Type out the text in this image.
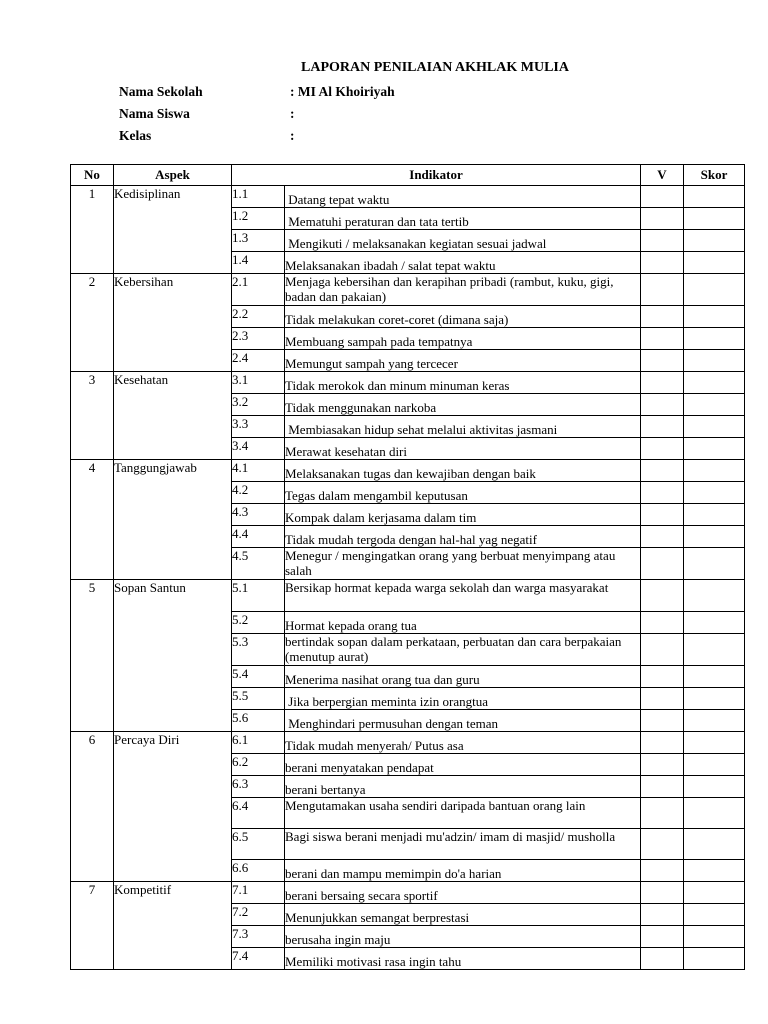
LAPORAN PENILAIAN AKHLAK MULIA
Nama Sekolah	: MI Al Khoiriyah
Nama Siswa	:
Kelas	:
No	Aspek	Indikator		V	Skor
1	Kedisiplinan	1.1	Datang tepat waktu		
		1.2	Mematuhi peraturan dan tata tertib		
		1.3	Mengikuti / melaksanakan kegiatan sesuai jadwal		
		1.4	Melaksanakan ibadah / salat tepat waktu		
2	Kebersihan	2.1	Menjaga kebersihan dan kerapihan pribadi (rambut, kuku, gigi, badan dan pakaian)		
		2.2	Tidak melakukan coret-coret (dimana saja)		
		2.3	Membuang sampah pada tempatnya		
		2.4	Memungut sampah yang tercecer		
3	Kesehatan	3.1	Tidak merokok dan minum minuman keras		
		3.2	Tidak menggunakan narkoba		
		3.3	Membiasakan hidup sehat melalui aktivitas jasmani		
		3.4	Merawat kesehatan diri		
4	Tanggungjawab	4.1	Melaksanakan tugas dan kewajiban dengan baik		
		4.2	Tegas dalam mengambil keputusan		
		4.3	Kompak dalam kerjasama dalam tim		
		4.4	Tidak mudah tergoda dengan hal-hal yag negatif		
		4.5	Menegur / mengingatkan orang yang berbuat menyimpang atau salah		
5	Sopan Santun	5.1	Bersikap hormat kepada warga sekolah dan warga masyarakat		
		5.2	Hormat kepada orang tua		
		5.3	bertindak sopan dalam perkataan, perbuatan dan cara berpakaian (menutup aurat)		
		5.4	Menerima nasihat orang tua dan guru		
		5.5	Jika berpergian meminta izin orangtua		
		5.6	Menghindari permusuhan dengan teman		
6	Percaya Diri	6.1	Tidak mudah menyerah/ Putus asa		
		6.2	berani menyatakan pendapat		
		6.3	berani bertanya		
		6.4	Mengutamakan usaha sendiri daripada bantuan orang lain		
		6.5	Bagi siswa berani menjadi mu'adzin/ imam di masjid/ musholla		
		6.6	berani dan mampu memimpin do'a harian		
7	Kompetitif	7.1	berani bersaing secara sportif		
		7.2	Menunjukkan semangat berprestasi		
		7.3	berusaha ingin maju		
		7.4	Memiliki motivasi rasa ingin tahu		
